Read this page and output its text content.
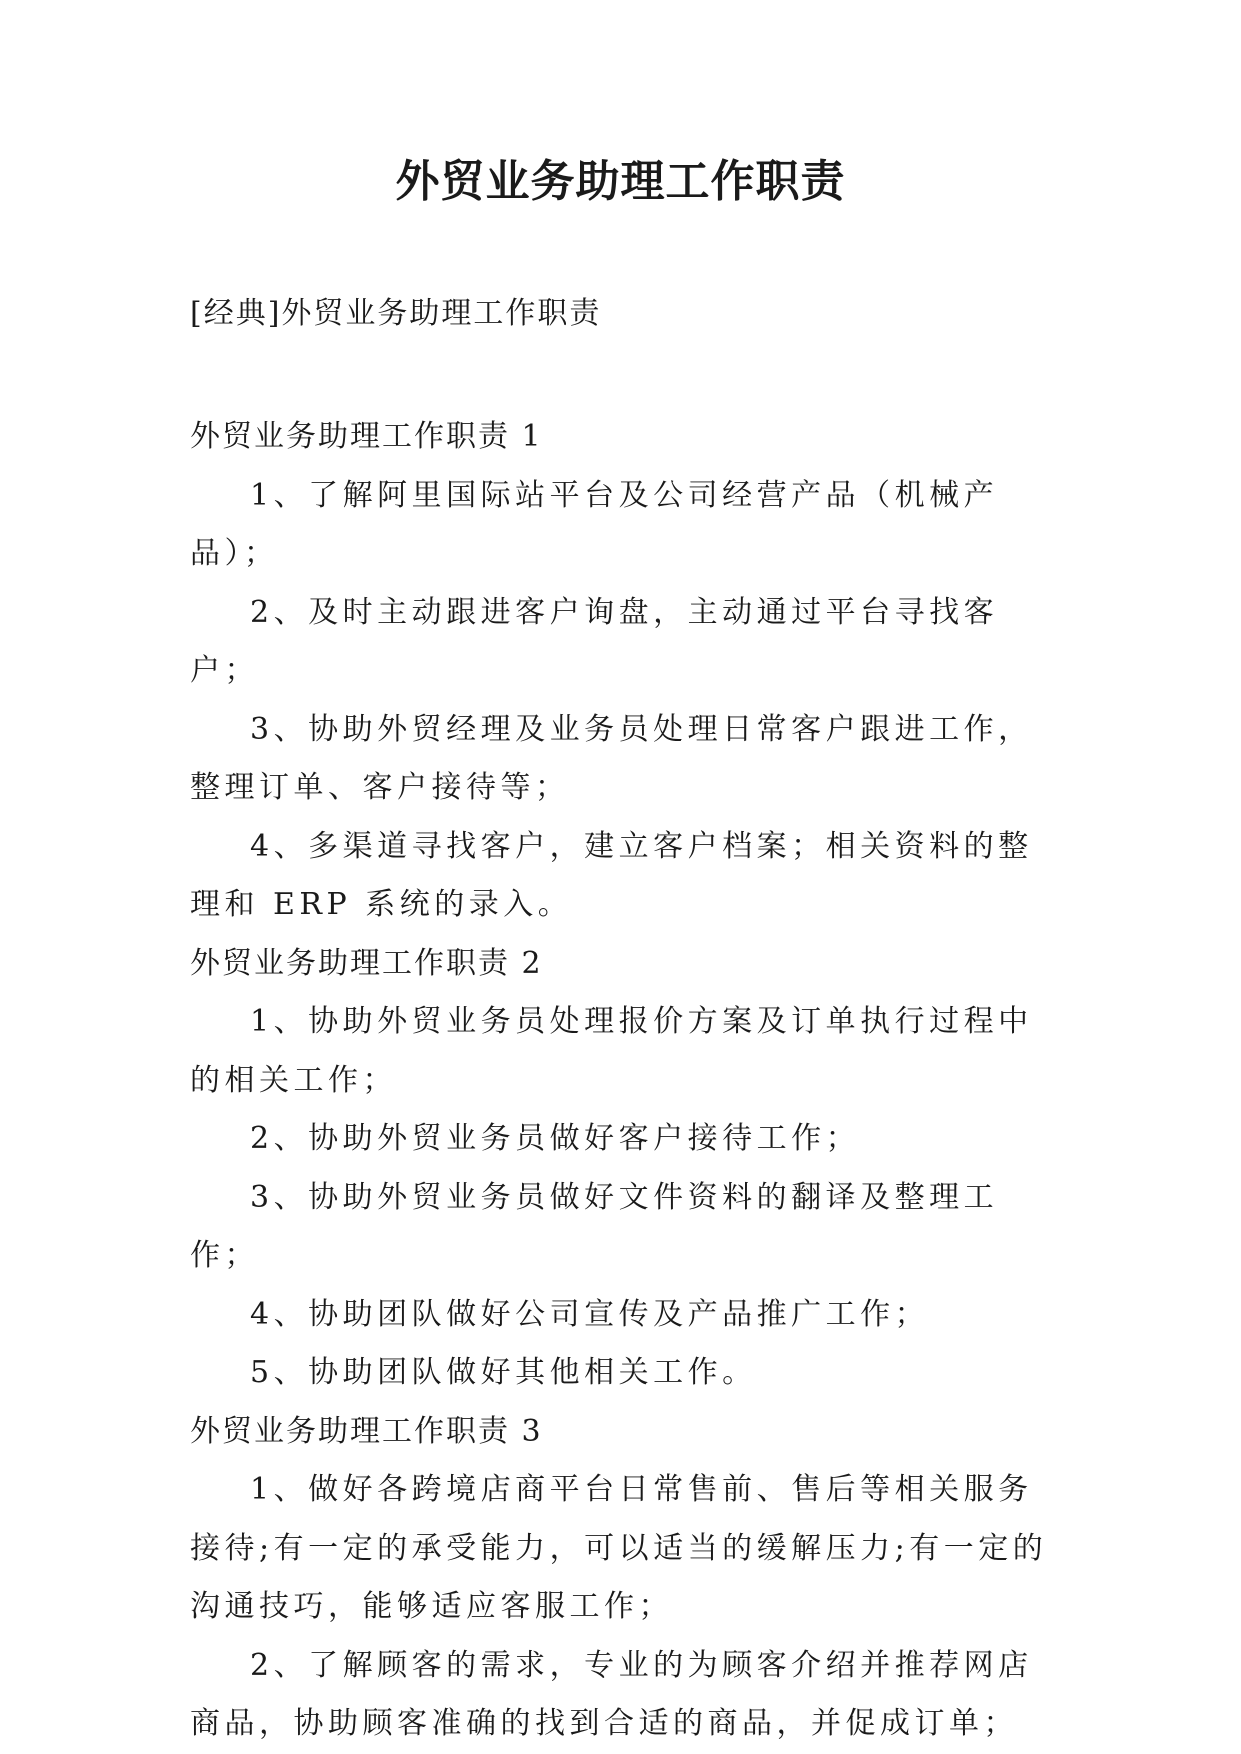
外贸业务助理工作职责

[经典]外贸业务助理工作职责

外贸业务助理工作职责 1

1、了解阿里国际站平台及公司经营产品（机械产品）；

2、及时主动跟进客户询盘，主动通过平台寻找客户；

3、协助外贸经理及业务员处理日常客户跟进工作，整理订单、客户接待等；

4、多渠道寻找客户，建立客户档案；相关资料的整理和 ERP 系统的录入。

外贸业务助理工作职责 2

1、协助外贸业务员处理报价方案及订单执行过程中的相关工作；

2、协助外贸业务员做好客户接待工作；

3、协助外贸业务员做好文件资料的翻译及整理工作；

4、协助团队做好公司宣传及产品推广工作；

5、协助团队做好其他相关工作。

外贸业务助理工作职责 3

1、做好各跨境店商平台日常售前、售后等相关服务接待;有一定的承受能力，可以适当的缓解压力;有一定的沟通技巧，能够适应客服工作；

2、了解顾客的需求，专业的为顾客介绍并推荐网店商品，协助顾客准确的找到合适的商品，并促成订单；
